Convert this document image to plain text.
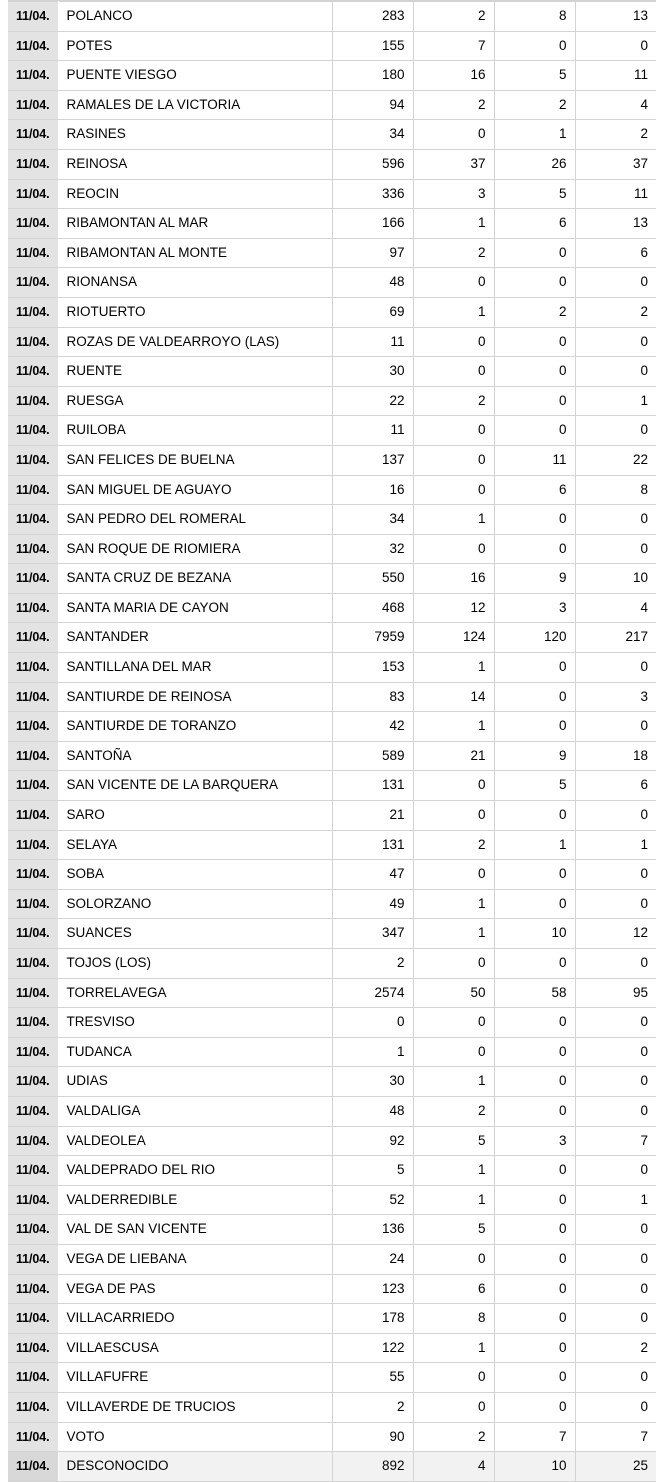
11/04.	POLANCO	283	2	8	13
11/04.	POTES	155	7	0	0
11/04.	PUENTE VIESGO	180	16	5	11
11/04.	RAMALES DE LA VICTORIA	94	2	2	4
11/04.	RASINES	34	0	1	2
11/04.	REINOSA	596	37	26	37
11/04.	REOCIN	336	3	5	11
11/04.	RIBAMONTAN AL MAR	166	1	6	13
11/04.	RIBAMONTAN AL MONTE	97	2	0	6
11/04.	RIONANSA	48	0	0	0
11/04.	RIOTUERTO	69	1	2	2
11/04.	ROZAS DE VALDEARROYO (LAS)	11	0	0	0
11/04.	RUENTE	30	0	0	0
11/04.	RUESGA	22	2	0	1
11/04.	RUILOBA	11	0	0	0
11/04.	SAN FELICES DE BUELNA	137	0	11	22
11/04.	SAN MIGUEL DE AGUAYO	16	0	6	8
11/04.	SAN PEDRO DEL ROMERAL	34	1	0	0
11/04.	SAN ROQUE DE RIOMIERA	32	0	0	0
11/04.	SANTA CRUZ DE BEZANA	550	16	9	10
11/04.	SANTA MARIA DE CAYON	468	12	3	4
11/04.	SANTANDER	7959	124	120	217
11/04.	SANTILLANA DEL MAR	153	1	0	0
11/04.	SANTIURDE DE REINOSA	83	14	0	3
11/04.	SANTIURDE DE TORANZO	42	1	0	0
11/04.	SANTOÑA	589	21	9	18
11/04.	SAN VICENTE DE LA BARQUERA	131	0	5	6
11/04.	SARO	21	0	0	0
11/04.	SELAYA	131	2	1	1
11/04.	SOBA	47	0	0	0
11/04.	SOLORZANO	49	1	0	0
11/04.	SUANCES	347	1	10	12
11/04.	TOJOS (LOS)	2	0	0	0
11/04.	TORRELAVEGA	2574	50	58	95
11/04.	TRESVISO	0	0	0	0
11/04.	TUDANCA	1	0	0	0
11/04.	UDIAS	30	1	0	0
11/04.	VALDALIGA	48	2	0	0
11/04.	VALDEOLEA	92	5	3	7
11/04.	VALDEPRADO DEL RIO	5	1	0	0
11/04.	VALDERREDIBLE	52	1	0	1
11/04.	VAL DE SAN VICENTE	136	5	0	0
11/04.	VEGA DE LIEBANA	24	0	0	0
11/04.	VEGA DE PAS	123	6	0	0
11/04.	VILLACARRIEDO	178	8	0	0
11/04.	VILLAESCUSA	122	1	0	2
11/04.	VILLAFUFRE	55	0	0	0
11/04.	VILLAVERDE DE TRUCIOS	2	0	0	0
11/04.	VOTO	90	2	7	7
11/04.	DESCONOCIDO	892	4	10	25
